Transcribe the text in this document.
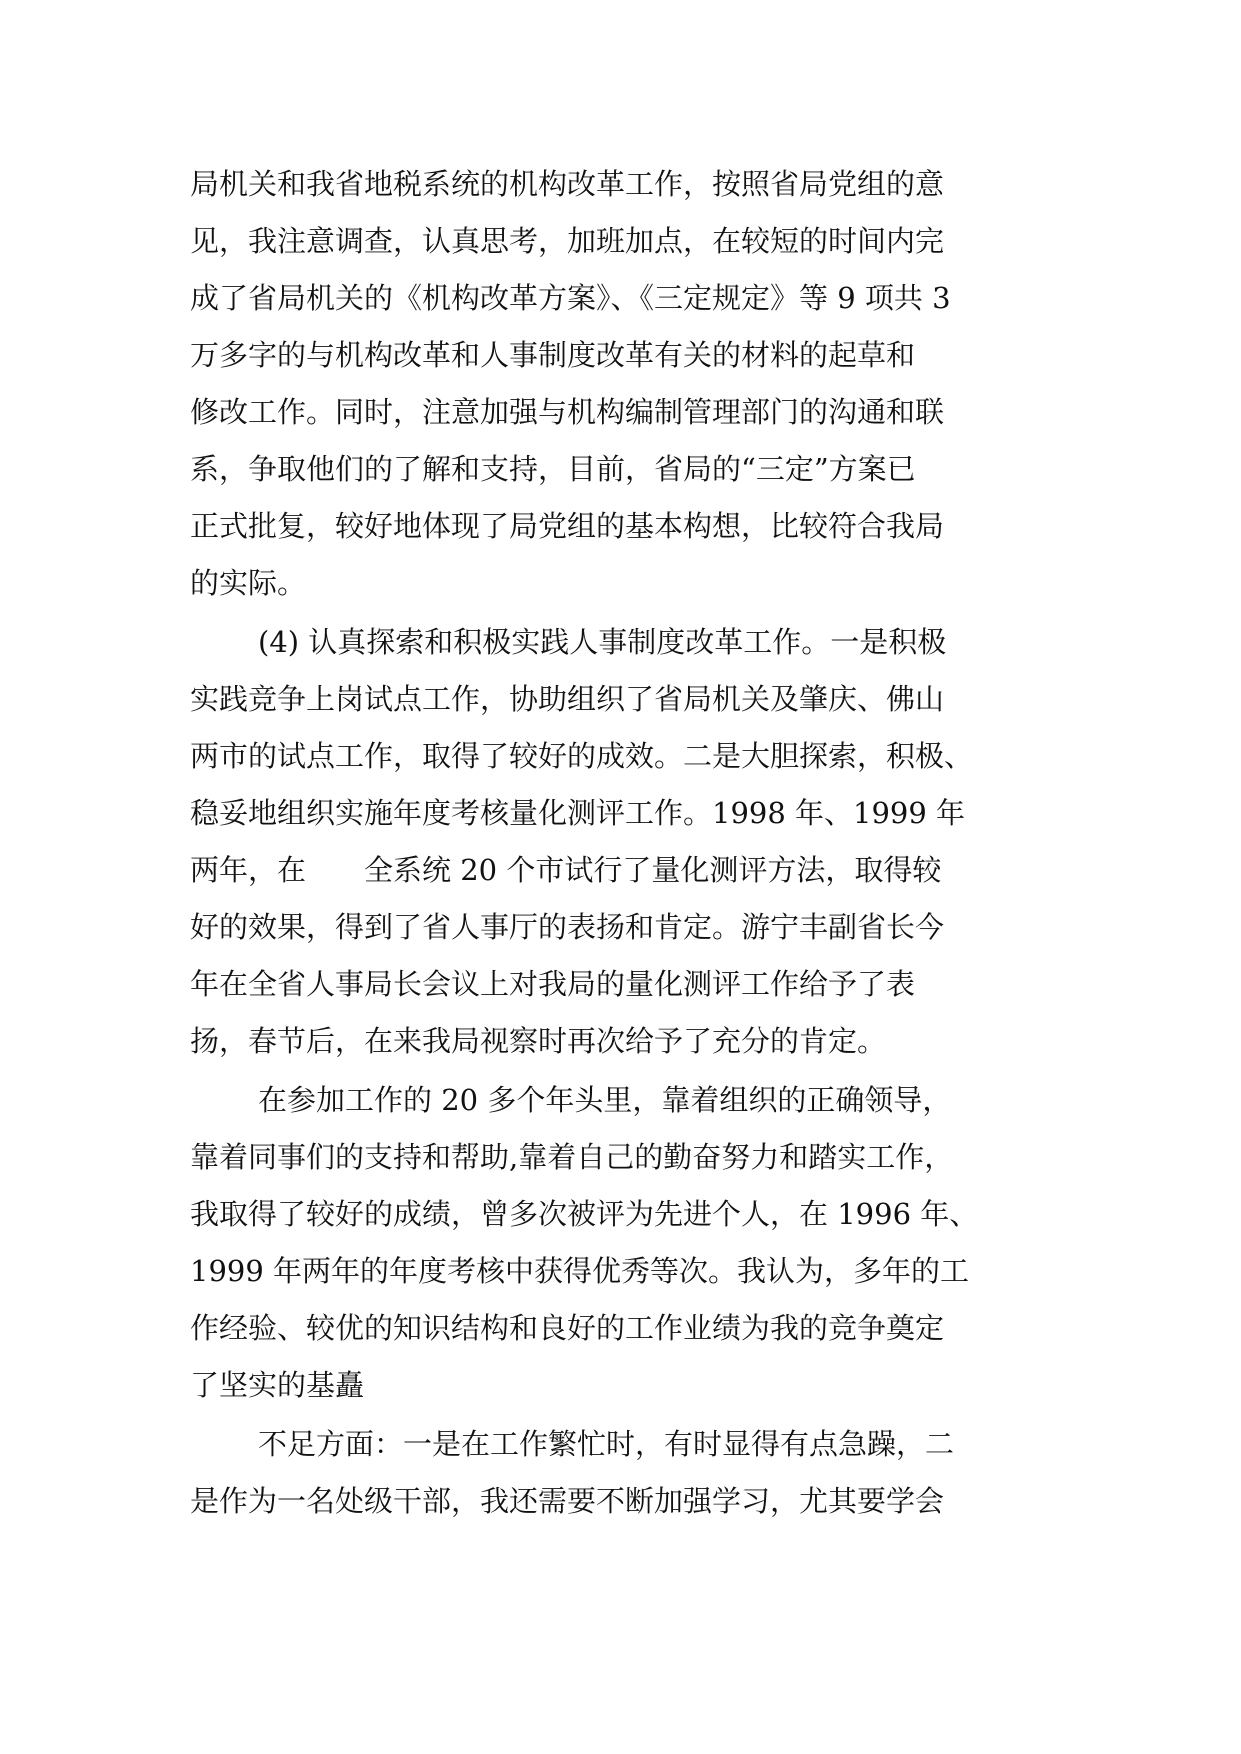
局机关和我省地税系统的机构改革工作，按照省局党组的意
见，我注意调查，认真思考，加班加点，在较短的时间内完
成了省局机关的《机构改革方案》、《三定规定》等 9 项共 3
万多字的与机构改革和人事制度改革有关的材料的起草和
修改工作。同时，注意加强与机构编制管理部门的沟通和联
系，争取他们的了解和支持，目前，省局的“三定”方案已
正式批复，较好地体现了局党组的基本构想，比较符合我局
的实际。
(4) 认真探索和积极实践人事制度改革工作。一是积极
实践竞争上岗试点工作，协助组织了省局机关及肇庆、佛山
两市的试点工作，取得了较好的成效。二是大胆探索，积极、
稳妥地组织实施年度考核量化测评工作。1998 年、1999 年
两年，在　　全系统 20 个市试行了量化测评方法，取得较
好的效果，得到了省人事厅的表扬和肯定。游宁丰副省长今
年在全省人事局长会议上对我局的量化测评工作给予了表
扬，春节后，在来我局视察时再次给予了充分的肯定。
在参加工作的 20 多个年头里，靠着组织的正确领导，
靠着同事们的支持和帮助,靠着自己的勤奋努力和踏实工作，
我取得了较好的成绩，曾多次被评为先进个人，在 1996 年、
1999 年两年的年度考核中获得优秀等次。我认为，多年的工
作经验、较优的知识结构和良好的工作业绩为我的竞争奠定
了坚实的基矗
不足方面：一是在工作繁忙时，有时显得有点急躁，二
是作为一名处级干部，我还需要不断加强学习，尤其要学会
